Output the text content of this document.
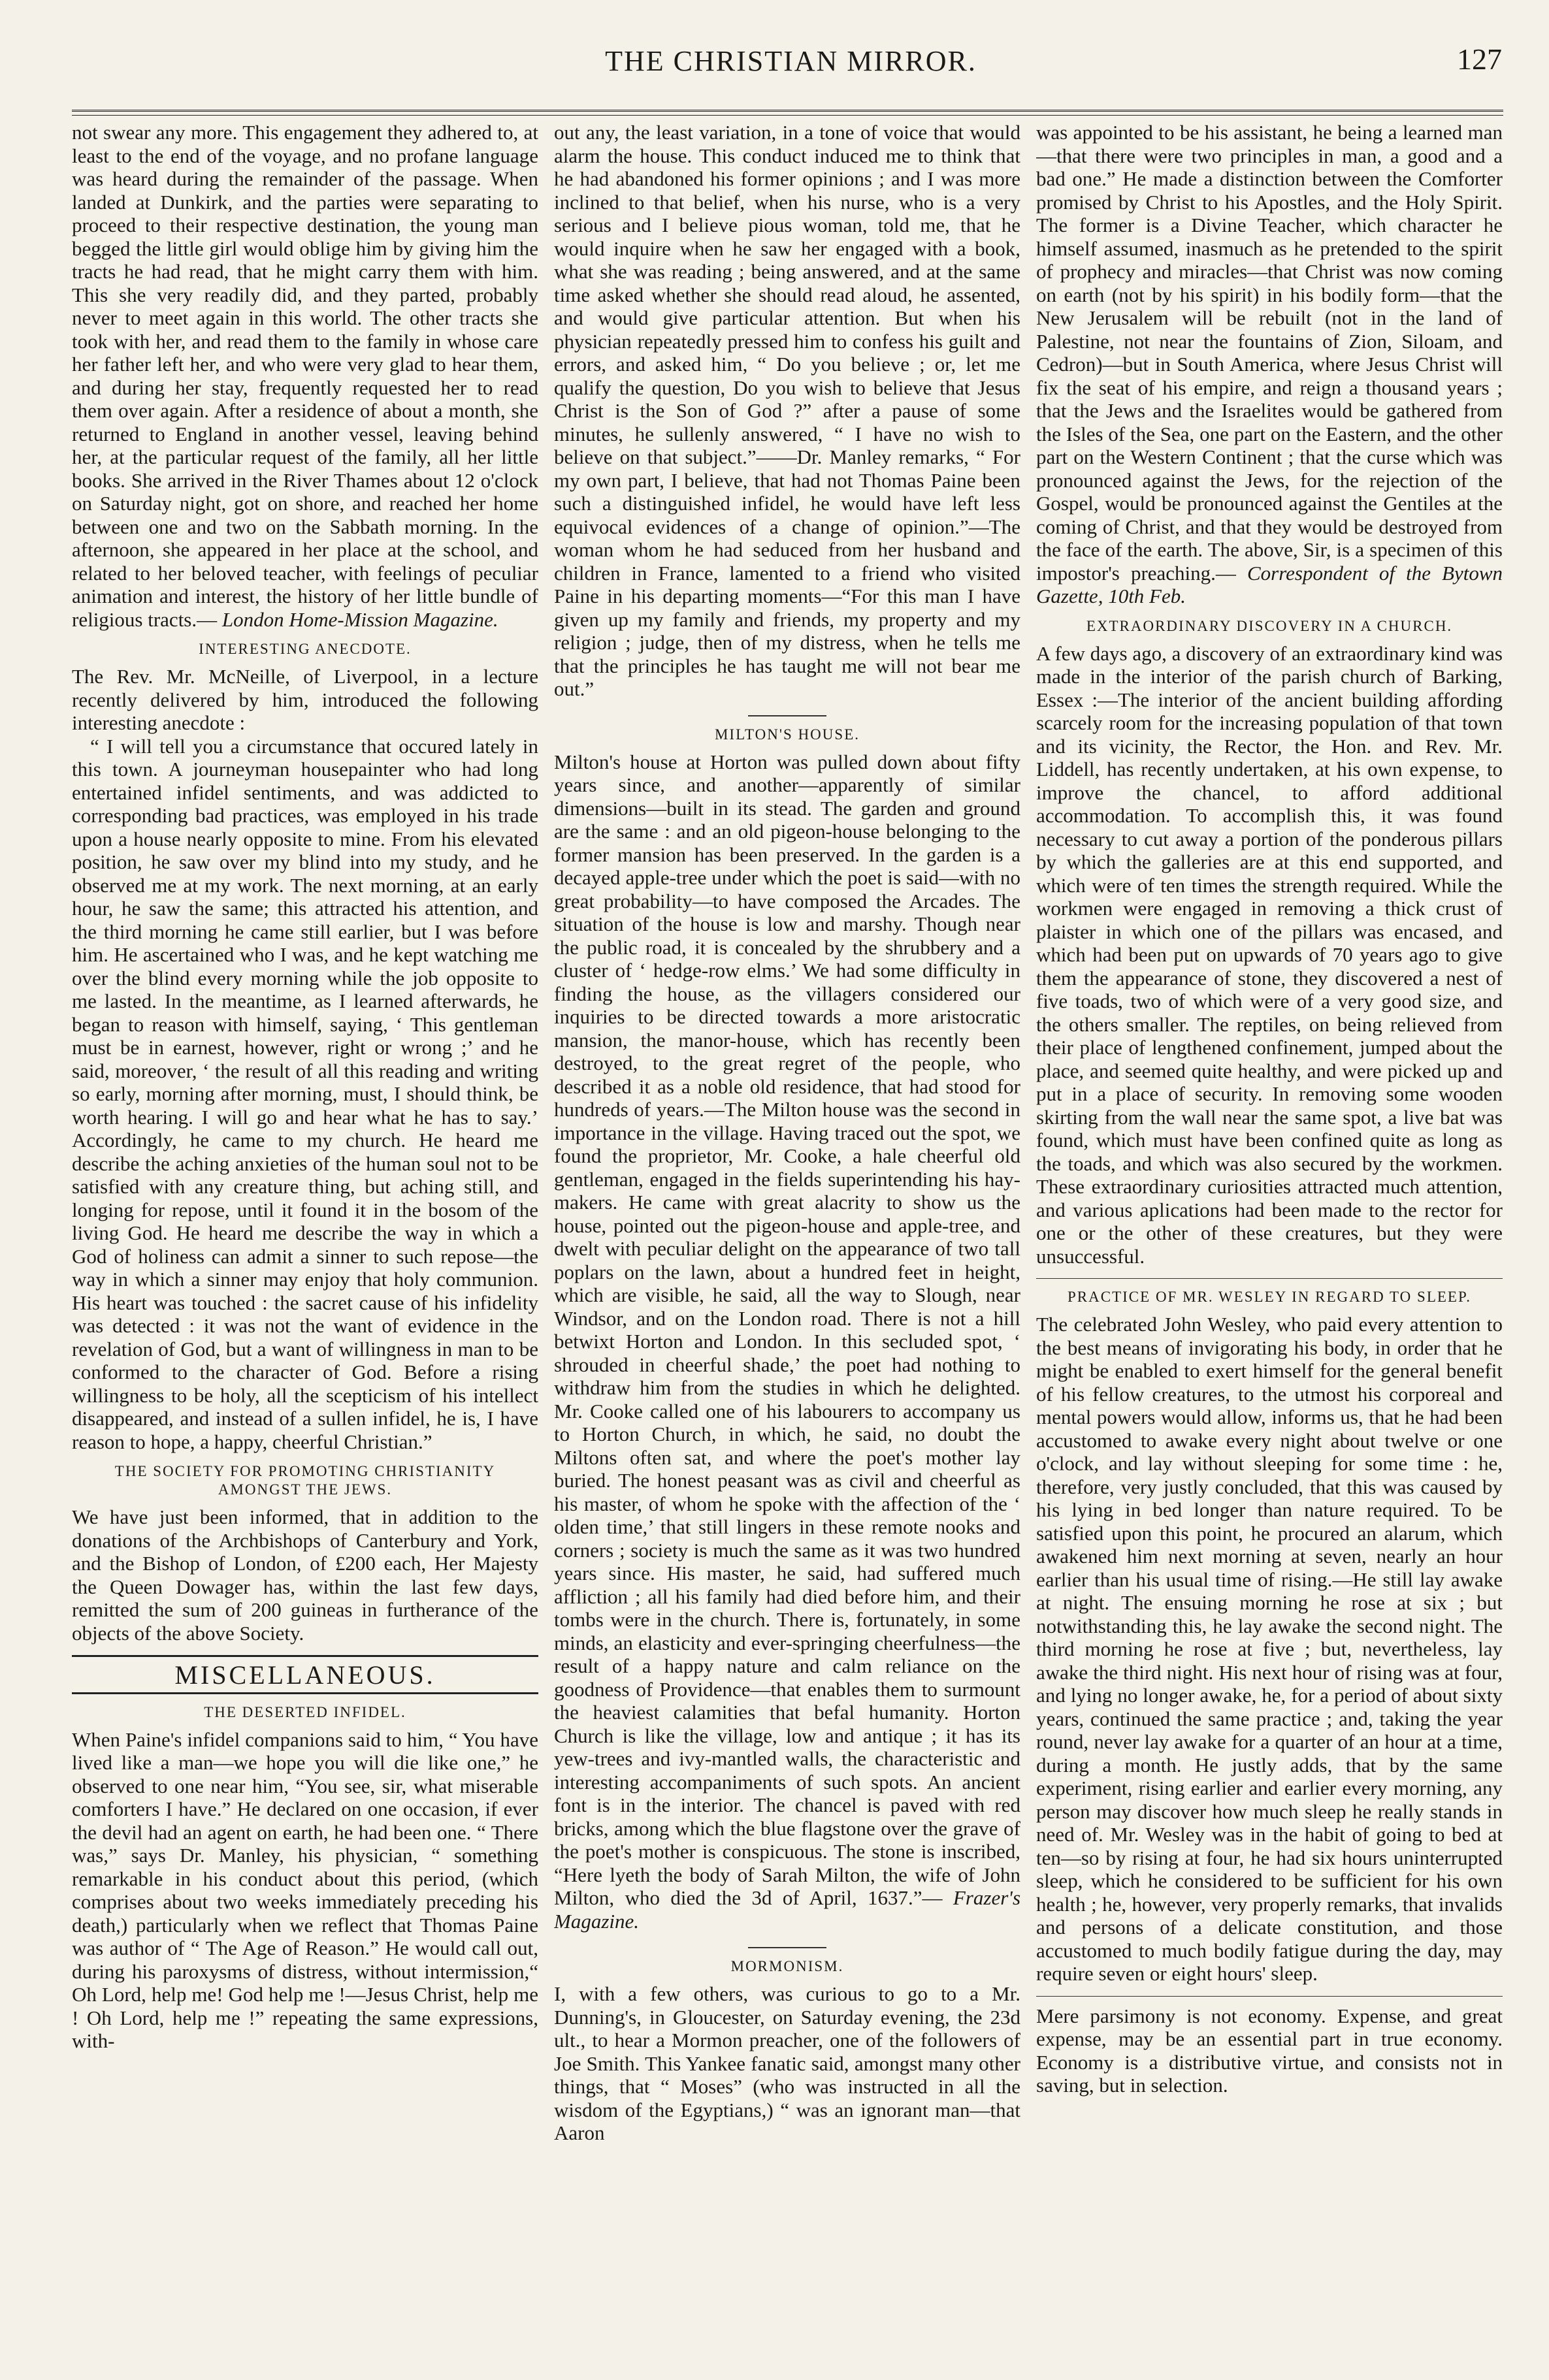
THE CHRISTIAN MIRROR.	127

not swear any more. This engagement they adhered to, at least to the end of the voyage, and no profane language was heard during the remainder of the passage. When landed at Dunkirk, and the parties were separating to proceed to their respective destination, the young man begged the little girl would oblige him by giving him the tracts he had read, that he might carry them with him. This she very readily did, and they parted, probably never to meet again in this world. The other tracts she took with her, and read them to the family in whose care her father left her, and who were very glad to hear them, and during her stay, frequently requested her to read them over again. After a residence of about a month, she returned to England in another vessel, leaving behind her, at the particular request of the family, all her little books. She arrived in the River Thames about 12 o'clock on Saturday night, got on shore, and reached her home between one and two on the Sabbath morning. In the afternoon, she appeared in her place at the school, and related to her beloved teacher, with feelings of peculiar animation and interest, the history of her little bundle of religious tracts.— London Home-Mission Magazine.

INTERESTING ANECDOTE.

The Rev. Mr. McNeille, of Liverpool, in a lecture recently delivered by him, introduced the following interesting anecdote :

“ I will tell you a circumstance that occured lately in this town. A journeyman housepainter who had long entertained infidel sentiments, and was addicted to corresponding bad practices, was employed in his trade upon a house nearly opposite to mine. From his elevated position, he saw over my blind into my study, and he observed me at my work. The next morning, at an early hour, he saw the same; this attracted his attention, and the third morning he came still earlier, but I was before him. He ascertained who I was, and he kept watching me over the blind every morning while the job opposite to me lasted. In the meantime, as I learned afterwards, he began to reason with himself, saying, ‘ This gentleman must be in earnest, however, right or wrong ;’ and he said, moreover, ‘ the result of all this reading and writing so early, morning after morning, must, I should think, be worth hearing. I will go and hear what he has to say.’ Accordingly, he came to my church. He heard me describe the aching anxieties of the human soul not to be satisfied with any creature thing, but aching still, and longing for repose, until it found it in the bosom of the living God. He heard me describe the way in which a God of holiness can admit a sinner to such repose—the way in which a sinner may enjoy that holy communion. His heart was touched : the sacret cause of his infidelity was detected : it was not the want of evidence in the revelation of God, but a want of willingness in man to be conformed to the character of God. Before a rising willingness to be holy, all the scepticism of his intellect disappeared, and instead of a sullen infidel, he is, I have reason to hope, a happy, cheerful Christian.”

THE SOCIETY FOR PROMOTING CHRISTIANITY AMONGST THE JEWS.

We have just been informed, that in addition to the donations of the Archbishops of Canterbury and York, and the Bishop of London, of £200 each, Her Majesty the Queen Dowager has, within the last few days, remitted the sum of 200 guineas in furtherance of the objects of the above Society.

MISCELLANEOUS.
THE DESERTED INFIDEL.

When Paine's infidel companions said to him, “ You have lived like a man—we hope you will die like one,” he observed to one near him, “You see, sir, what miserable comforters I have.” He declared on one occasion, if ever the devil had an agent on earth, he had been one. “ There was,” says Dr. Manley, his physician, “ something remarkable in his conduct about this period, (which comprises about two weeks immediately preceding his death,) particularly when we reflect that Thomas Paine was author of “ The Age of Reason.” He would call out, during his paroxysms of distress, without intermission,“ Oh Lord, help me! God help me !—Jesus Christ, help me ! Oh Lord, help me !” repeating the same expressions, with-

out any, the least variation, in a tone of voice that would alarm the house. This conduct induced me to think that he had abandoned his former opinions ; and I was more inclined to that belief, when his nurse, who is a very serious and I believe pious woman, told me, that he would inquire when he saw her engaged with a book, what she was reading ; being answered, and at the same time asked whether she should read aloud, he assented, and would give particular attention. But when his physician repeatedly pressed him to confess his guilt and errors, and asked him, “ Do you believe ; or, let me qualify the question, Do you wish to believe that Jesus Christ is the Son of God ?” after a pause of some minutes, he sullenly answered, “ I have no wish to believe on that subject.”——Dr. Manley remarks, “ For my own part, I believe, that had not Thomas Paine been such a distinguished infidel, he would have left less equivocal evidences of a change of opinion.”—The woman whom he had seduced from her husband and children in France, lamented to a friend who visited Paine in his departing moments—“For this man I have given up my family and friends, my property and my religion ; judge, then of my distress, when he tells me that the principles he has taught me will not bear me out.”

MILTON'S HOUSE.

Milton's house at Horton was pulled down about fifty years since, and another—apparently of similar dimensions—built in its stead. The garden and ground are the same : and an old pigeon-house belonging to the former mansion has been preserved. In the garden is a decayed apple-tree under which the poet is said—with no great probability—to have composed the Arcades. The situation of the house is low and marshy. Though near the public road, it is concealed by the shrubbery and a cluster of ‘ hedge-row elms.’ We had some difficulty in finding the house, as the villagers considered our inquiries to be directed towards a more aristocratic mansion, the manor-house, which has recently been destroyed, to the great regret of the people, who described it as a noble old residence, that had stood for hundreds of years.—The Milton house was the second in importance in the village. Having traced out the spot, we found the proprietor, Mr. Cooke, a hale cheerful old gentleman, engaged in the fields superintending his hay-makers. He came with great alacrity to show us the house, pointed out the pigeon-house and apple-tree, and dwelt with peculiar delight on the appearance of two tall poplars on the lawn, about a hundred feet in height, which are visible, he said, all the way to Slough, near Windsor, and on the London road. There is not a hill betwixt Horton and London. In this secluded spot, ‘ shrouded in cheerful shade,’ the poet had nothing to withdraw him from the studies in which he delighted. Mr. Cooke called one of his labourers to accompany us to Horton Church, in which, he said, no doubt the Miltons often sat, and where the poet's mother lay buried. The honest peasant was as civil and cheerful as his master, of whom he spoke with the affection of the ‘ olden time,’ that still lingers in these remote nooks and corners ; society is much the same as it was two hundred years since. His master, he said, had suffered much affliction ; all his family had died before him, and their tombs were in the church. There is, fortunately, in some minds, an elasticity and ever-springing cheerfulness—the result of a happy nature and calm reliance on the goodness of Providence—that enables them to surmount the heaviest calamities that befal humanity. Horton Church is like the village, low and antique ; it has its yew-trees and ivy-mantled walls, the characteristic and interesting accompaniments of such spots. An ancient font is in the interior. The chancel is paved with red bricks, among which the blue flagstone over the grave of the poet's mother is conspicuous. The stone is inscribed, “Here lyeth the body of Sarah Milton, the wife of John Milton, who died the 3d of April, 1637.”— Frazer's Magazine.

MORMONISM.

I, with a few others, was curious to go to a Mr. Dunning's, in Gloucester, on Saturday evening, the 23d ult., to hear a Mormon preacher, one of the followers of Joe Smith. This Yankee fanatic said, amongst many other things, that “ Moses” (who was instructed in all the wisdom of the Egyptians,) “ was an ignorant man—that Aaron

was appointed to be his assistant, he being a learned man—that there were two principles in man, a good and a bad one.” He made a distinction between the Comforter promised by Christ to his Apostles, and the Holy Spirit. The former is a Divine Teacher, which character he himself assumed, inasmuch as he pretended to the spirit of prophecy and miracles—that Christ was now coming on earth (not by his spirit) in his bodily form—that the New Jerusalem will be rebuilt (not in the land of Palestine, not near the fountains of Zion, Siloam, and Cedron)—but in South America, where Jesus Christ will fix the seat of his empire, and reign a thousand years ; that the Jews and the Israelites would be gathered from the Isles of the Sea, one part on the Eastern, and the other part on the Western Continent ; that the curse which was pronounced against the Jews, for the rejection of the Gospel, would be pronounced against the Gentiles at the coming of Christ, and that they would be destroyed from the face of the earth. The above, Sir, is a specimen of this impostor's preaching.— Correspondent of the Bytown Gazette, 10th Feb.

EXTRAORDINARY DISCOVERY IN A CHURCH.

A few days ago, a discovery of an extraordinary kind was made in the interior of the parish church of Barking, Essex :—The interior of the ancient building affording scarcely room for the increasing population of that town and its vicinity, the Rector, the Hon. and Rev. Mr. Liddell, has recently undertaken, at his own expense, to improve the chancel, to afford additional accommodation. To accomplish this, it was found necessary to cut away a portion of the ponderous pillars by which the galleries are at this end supported, and which were of ten times the strength required. While the workmen were engaged in removing a thick crust of plaister in which one of the pillars was encased, and which had been put on upwards of 70 years ago to give them the appearance of stone, they discovered a nest of five toads, two of which were of a very good size, and the others smaller. The reptiles, on being relieved from their place of lengthened confinement, jumped about the place, and seemed quite healthy, and were picked up and put in a place of security. In removing some wooden skirting from the wall near the same spot, a live bat was found, which must have been confined quite as long as the toads, and which was also secured by the workmen. These extraordinary curiosities attracted much attention, and various aplications had been made to the rector for one or the other of these creatures, but they were unsuccessful.

PRACTICE OF MR. WESLEY IN REGARD TO SLEEP.

The celebrated John Wesley, who paid every attention to the best means of invigorating his body, in order that he might be enabled to exert himself for the general benefit of his fellow creatures, to the utmost his corporeal and mental powers would allow, informs us, that he had been accustomed to awake every night about twelve or one o'clock, and lay without sleeping for some time : he, therefore, very justly concluded, that this was caused by his lying in bed longer than nature required. To be satisfied upon this point, he procured an alarum, which awakened him next morning at seven, nearly an hour earlier than his usual time of rising.—He still lay awake at night. The ensuing morning he rose at six ; but notwithstanding this, he lay awake the second night. The third morning he rose at five ; but, nevertheless, lay awake the third night. His next hour of rising was at four, and lying no longer awake, he, for a period of about sixty years, continued the same practice ; and, taking the year round, never lay awake for a quarter of an hour at a time, during a month. He justly adds, that by the same experiment, rising earlier and earlier every morning, any person may discover how much sleep he really stands in need of. Mr. Wesley was in the habit of going to bed at ten—so by rising at four, he had six hours uninterrupted sleep, which he considered to be sufficient for his own health ; he, however, very properly remarks, that invalids and persons of a delicate constitution, and those accustomed to much bodily fatigue during the day, may require seven or eight hours' sleep.

Mere parsimony is not economy. Expense, and great expense, may be an essential part in true economy. Economy is a distributive virtue, and consists not in saving, but in selection.
